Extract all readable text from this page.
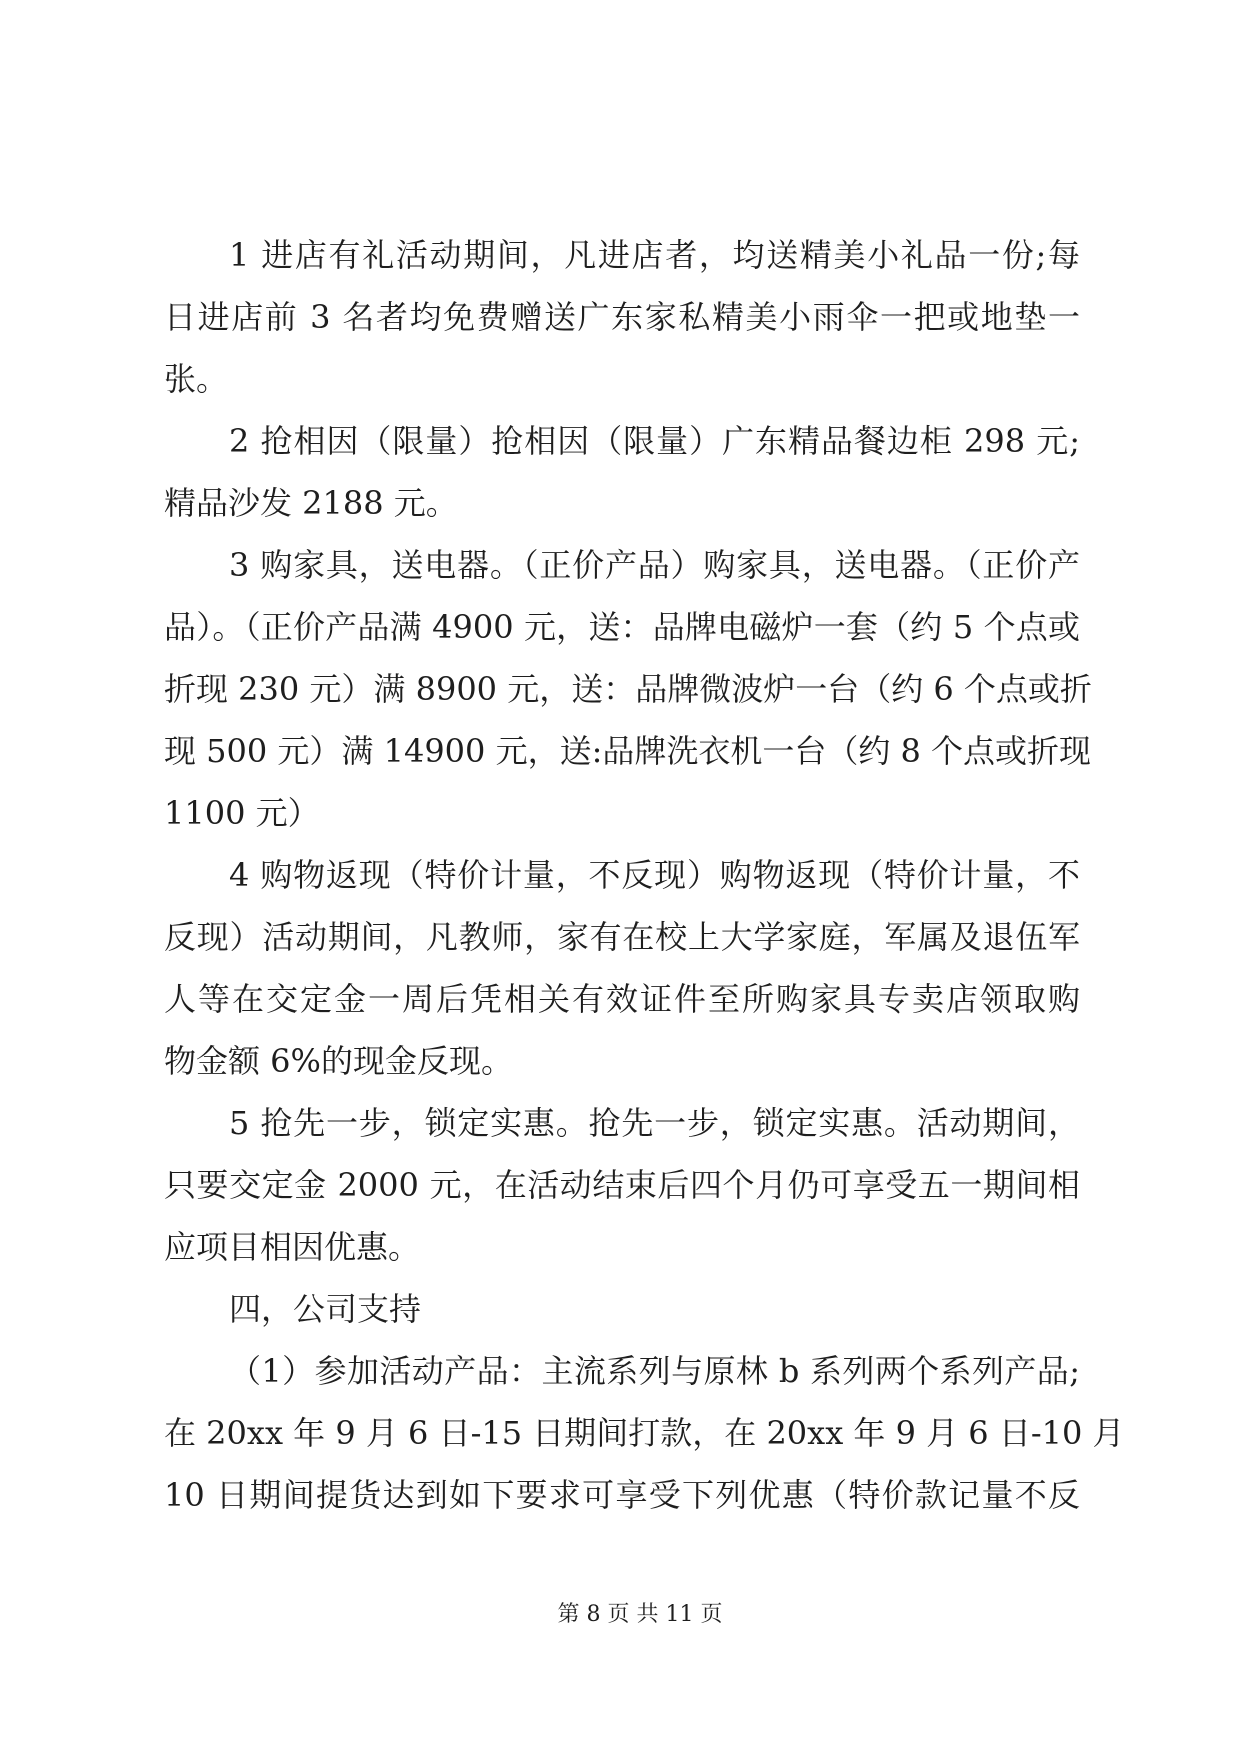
1 进店有礼活动期间，凡进店者，均送精美小礼品一份;每
日进店前 3 名者均免费赠送广东家私精美小雨伞一把或地垫一
张。
2 抢相因（限量）抢相因（限量）广东精品餐边柜 298 元;
精品沙发 2188 元。
3 购家具，送电器。（正价产品）购家具，送电器。（正价产
品）。（正价产品满 4900 元，送：品牌电磁炉一套（约 5 个点或
折现 230 元）满 8900 元，送：品牌微波炉一台（约 6 个点或折
现 500 元）满 14900 元，送:品牌洗衣机一台（约 8 个点或折现
1100 元）
4 购物返现（特价计量，不反现）购物返现（特价计量，不
反现）活动期间，凡教师，家有在校上大学家庭，军属及退伍军
人等在交定金一周后凭相关有效证件至所购家具专卖店领取购
物金额 6%的现金反现。
5 抢先一步，锁定实惠。抢先一步，锁定实惠。活动期间，
只要交定金 2000 元，在活动结束后四个月仍可享受五一期间相
应项目相因优惠。
四，公司支持
（1）参加活动产品：主流系列与原林 b 系列两个系列产品;
在 20xx 年 9 月 6 日-15 日期间打款，在 20xx 年 9 月 6 日-10 月
10 日期间提货达到如下要求可享受下列优惠（特价款记量不反
第 8 页 共 11 页
